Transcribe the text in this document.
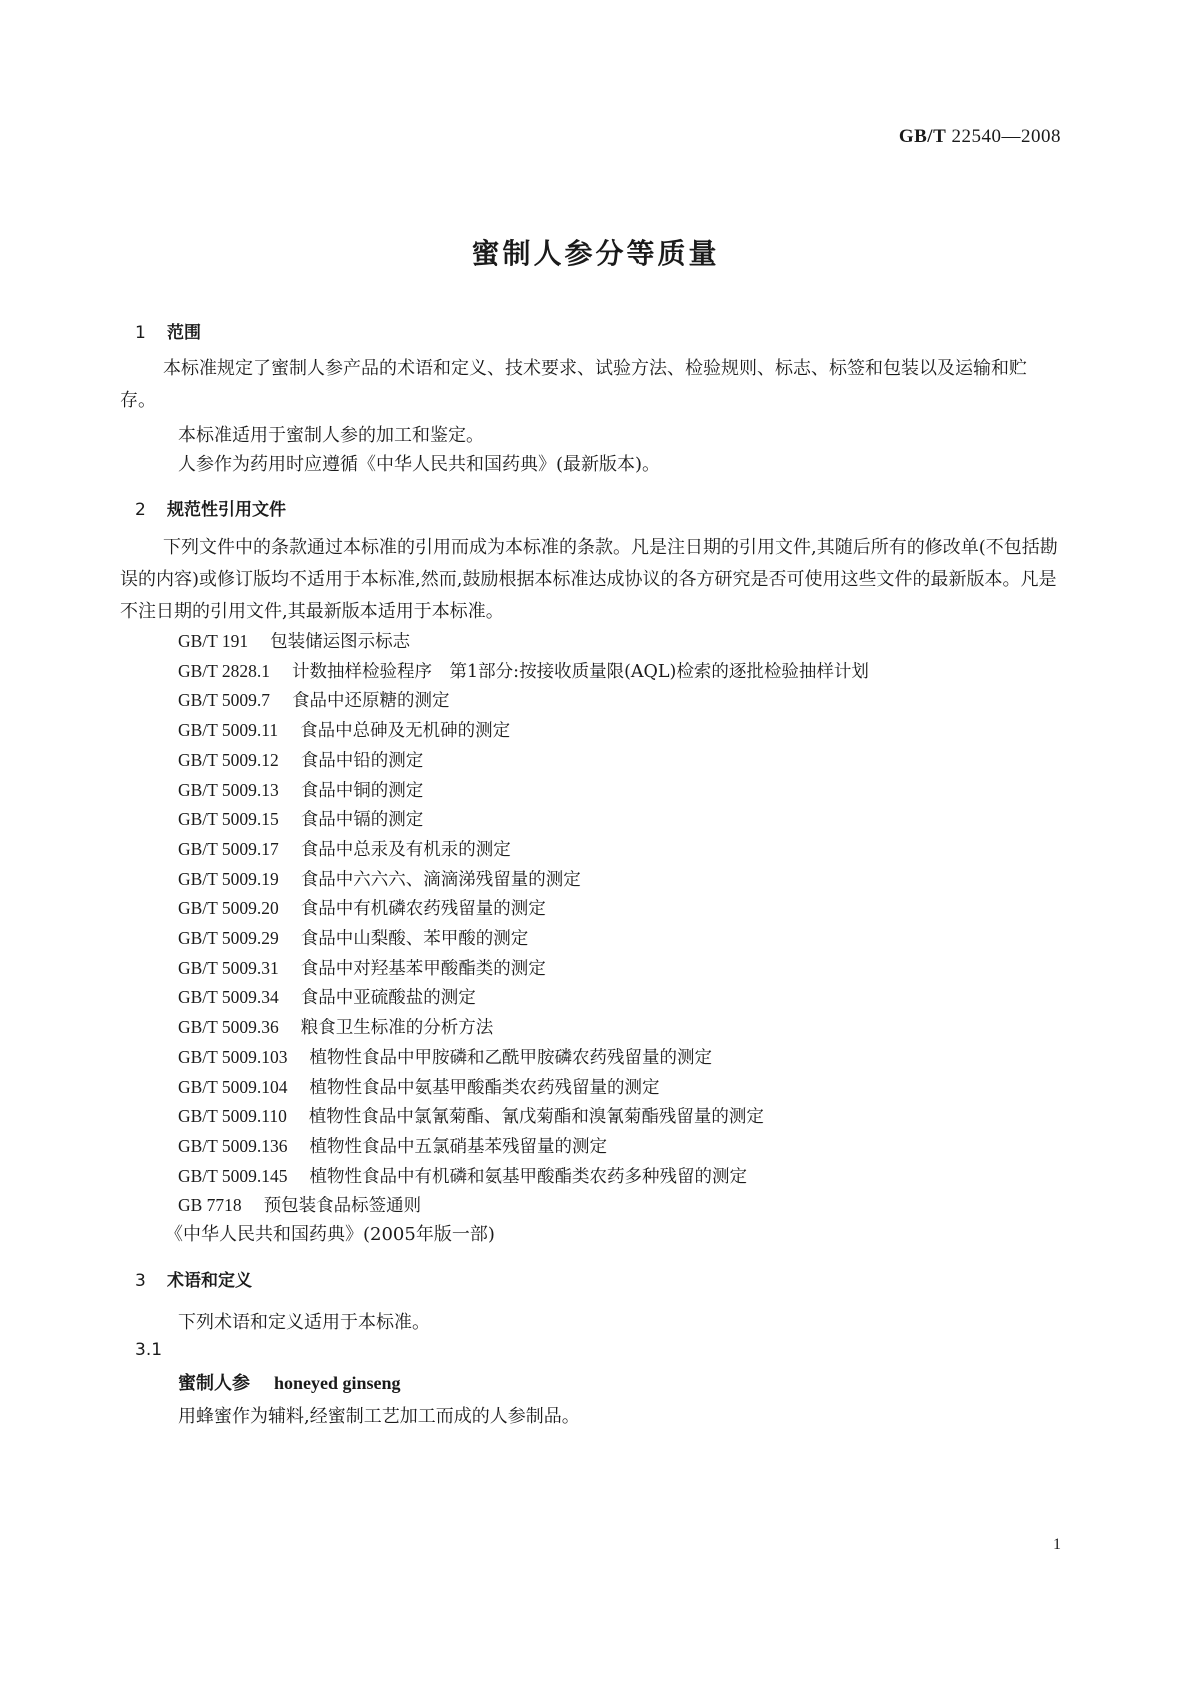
GB/T 22540—2008
蜜制人参分等质量
1 范围
本标准规定了蜜制人参产品的术语和定义、技术要求、试验方法、检验规则、标志、标签和包装以及运输和贮存。
本标准适用于蜜制人参的加工和鉴定。
人参作为药用时应遵循《中华人民共和国药典》(最新版本)。
2 规范性引用文件
下列文件中的条款通过本标准的引用而成为本标准的条款。凡是注日期的引用文件,其随后所有的修改单(不包括勘误的内容)或修订版均不适用于本标准,然而,鼓励根据本标准达成协议的各方研究是否可使用这些文件的最新版本。凡是不注日期的引用文件,其最新版本适用于本标准。
GB/T 191 包装储运图示标志
GB/T 2828.1 计数抽样检验程序　第1部分:按接收质量限(AQL)检索的逐批检验抽样计划
GB/T 5009.7 食品中还原糖的测定
GB/T 5009.11 食品中总砷及无机砷的测定
GB/T 5009.12 食品中铅的测定
GB/T 5009.13 食品中铜的测定
GB/T 5009.15 食品中镉的测定
GB/T 5009.17 食品中总汞及有机汞的测定
GB/T 5009.19 食品中六六六、滴滴涕残留量的测定
GB/T 5009.20 食品中有机磷农药残留量的测定
GB/T 5009.29 食品中山梨酸、苯甲酸的测定
GB/T 5009.31 食品中对羟基苯甲酸酯类的测定
GB/T 5009.34 食品中亚硫酸盐的测定
GB/T 5009.36 粮食卫生标准的分析方法
GB/T 5009.103 植物性食品中甲胺磷和乙酰甲胺磷农药残留量的测定
GB/T 5009.104 植物性食品中氨基甲酸酯类农药残留量的测定
GB/T 5009.110 植物性食品中氯氰菊酯、氰戊菊酯和溴氰菊酯残留量的测定
GB/T 5009.136 植物性食品中五氯硝基苯残留量的测定
GB/T 5009.145 植物性食品中有机磷和氨基甲酸酯类农药多种残留的测定
GB 7718 预包装食品标签通则
《中华人民共和国药典》(2005年版一部)
3 术语和定义
下列术语和定义适用于本标准。
3.1
蜜制人参 honeyed ginseng
用蜂蜜作为辅料,经蜜制工艺加工而成的人参制品。
1
